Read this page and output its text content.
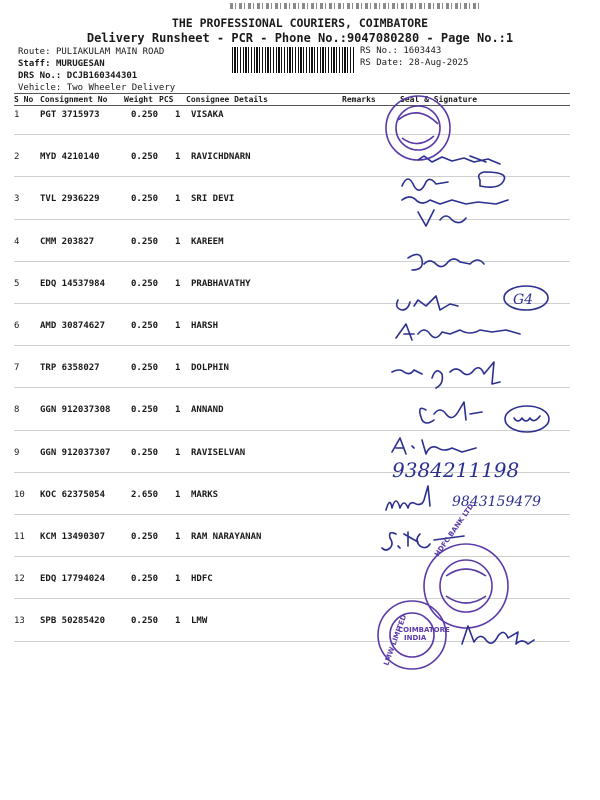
THE PROFESSIONAL COURIERS, COIMBATORE
Delivery Runsheet - PCR - Phone No.:9047080280 - Page No.:1
Route: PULIAKULAM MAIN ROAD
Staff: MURUGESAN
DRS No.: DCJB160344301
Vehicle: Two Wheeler Delivery
RS No.: 1603443
RS Date: 28-Aug-2025
S No Consignment No Weight PCS Consignee Details	Remarks	Seal & Signature
1 PGT 3715973	0.250 1 VISAKA
2 MYD 4210140	0.250 1 RAVICHDNARN
3 TVL 2936229	0.250 1 SRI DEVI
4 CMM 203827	0.250 1 KAREEM
5 EDQ 14537984	0.250 1 PRABHAVATHY
6 AMD 30874627	0.250 1 HARSH
7 TRP 6358027	0.250 1 DOLPHIN
8 GGN 912037308 0.250 1 ANNAND
9 GGN 912037307 0.250 1 RAVISELVAN
10 KOC 62375054	2.650 1 MARKS
11 KCM 13490307	0.250 1 RAM NARAYANAN
12 EDQ 17794024	0.250 1 HDFC
13 SPB 50285420	0.250 1 LMW
G4
9384211198
9843159479
HDFC BANK LTD
LMW LIMITED
COIMBATORE
INDIA
